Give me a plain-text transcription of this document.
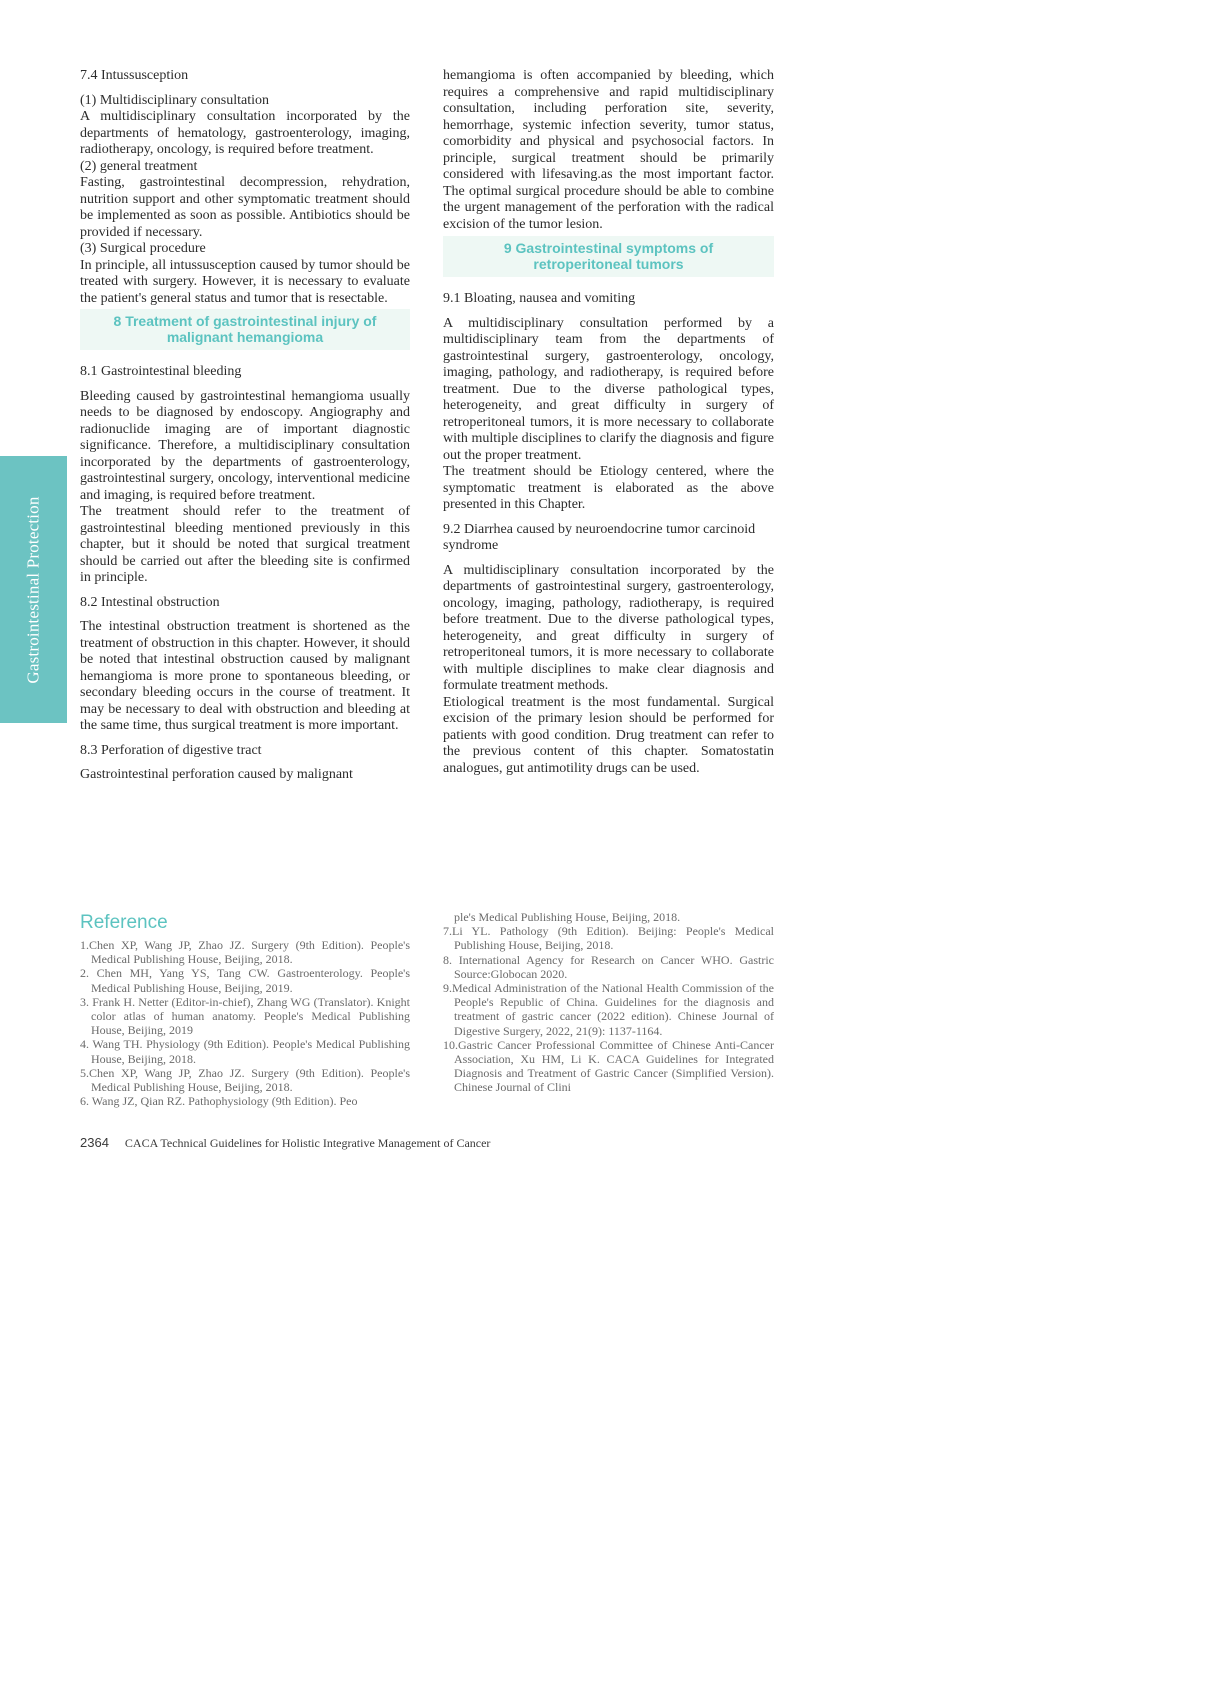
Gastrointestinal Protection
7.4 Intussusception
(1) Multidisciplinary consultation

A multidisciplinary consultation incorporated by the departments of hematology, gastroenterology, imaging, radiotherapy, oncology, is required before treatment.

(2) general treatment

Fasting, gastrointestinal decompression, rehydration, nutrition support and other symptomatic treatment should be implemented as soon as possible. Antibiotics should be provided if necessary.

(3) Surgical procedure

In principle, all intussusception caused by tumor should be treated with surgery. However, it is necessary to evaluate the patient's general status and tumor that is resectable.

8 Treatment of gastrointestinal injury of
malignant hemangioma
8.1 Gastrointestinal bleeding

Bleeding caused by gastrointestinal hemangioma usually needs to be diagnosed by endoscopy. Angiography and radionuclide imaging are of important diagnostic significance. Therefore, a multidisciplinary consultation incorporated by the departments of gastroenterology, gastrointestinal surgery, oncology, interventional medicine and imaging, is required before treatment.

The treatment should refer to the treatment of gastrointestinal bleeding mentioned previously in this chapter, but it should be noted that surgical treatment should be carried out after the bleeding site is confirmed in principle.

8.2 Intestinal obstruction

The intestinal obstruction treatment is shortened as the treatment of obstruction in this chapter. However, it should be noted that intestinal obstruction caused by malignant hemangioma is more prone to spontaneous bleeding, or secondary bleeding occurs in the course of treatment. It may be necessary to deal with obstruction and bleeding at the same time, thus surgical treatment is more important.

8.3 Perforation of digestive tract

Gastrointestinal perforation caused by malignant

hemangioma is often accompanied by bleeding, which requires a comprehensive and rapid multidisciplinary consultation, including perforation site, severity, hemorrhage, systemic infection severity, tumor status, comorbidity and physical and psychosocial factors. In principle, surgical treatment should be primarily considered with lifesaving.as the most important factor. The optimal surgical procedure should be able to combine the urgent management of the perforation with the radical excision of the tumor lesion.

9 Gastrointestinal symptoms of
retroperitoneal tumors
9.1 Bloating, nausea and vomiting

A multidisciplinary consultation performed by a multidisciplinary team from the departments of gastrointestinal surgery, gastroenterology, oncology, imaging, pathology, and radiotherapy, is required before treatment. Due to the diverse pathological types, heterogeneity, and great difficulty in surgery of retroperitoneal tumors, it is more necessary to collaborate with multiple disciplines to clarify the diagnosis and figure out the proper treatment.

The treatment should be Etiology centered, where the symptomatic treatment is elaborated as the above presented in this Chapter.

9.2 Diarrhea caused by neuroendocrine tumor carcinoid syndrome

A multidisciplinary consultation incorporated by the departments of gastrointestinal surgery, gastroenterology, oncology, imaging, pathology, radiotherapy, is required before treatment. Due to the diverse pathological types, heterogeneity, and great difficulty in surgery of retroperitoneal tumors, it is more necessary to collaborate with multiple disciplines to make clear diagnosis and formulate treatment methods.

Etiological treatment is the most fundamental. Surgical excision of the primary lesion should be performed for patients with good condition. Drug treatment can refer to the previous content of this chapter. Somatostatin analogues, gut antimotility drugs can be used.

Reference

1.Chen XP, Wang JP, Zhao JZ. Surgery (9th Edition). People's Medical Publishing House, Beijing, 2018.

2. Chen MH, Yang YS, Tang CW. Gastroenterology. People's Medical Publishing House, Beijing, 2019.

3. Frank H. Netter (Editor-in-chief), Zhang WG (Translator). Knight color atlas of human anatomy. People's Medical Publishing House, Beijing, 2019

4. Wang TH. Physiology (9th Edition). People's Medical Publishing House, Beijing, 2018.

5.Chen XP, Wang JP, Zhao JZ. Surgery (9th Edition). People's Medical Publishing House, Beijing, 2018.

6. Wang JZ, Qian RZ. Pathophysiology (9th Edition). Peo

ple's Medical Publishing House, Beijing, 2018.

7.Li YL. Pathology (9th Edition). Beijing: People's Medical Publishing House, Beijing, 2018.

8. International Agency for Research on Cancer WHO. Gastric Source:Globocan 2020.

9.Medical Administration of the National Health Commission of the People's Republic of China. Guidelines for the diagnosis and treatment of gastric cancer (2022 edition). Chinese Journal of Digestive Surgery, 2022, 21(9): 1137-1164.

10.Gastric Cancer Professional Committee of Chinese Anti-Cancer Association, Xu HM, Li K. CACA Guidelines for Integrated Diagnosis and Treatment of Gastric Cancer (Simplified Version). Chinese Journal of Clini

2364 CACA Technical Guidelines for Holistic Integrative Management of Cancer
